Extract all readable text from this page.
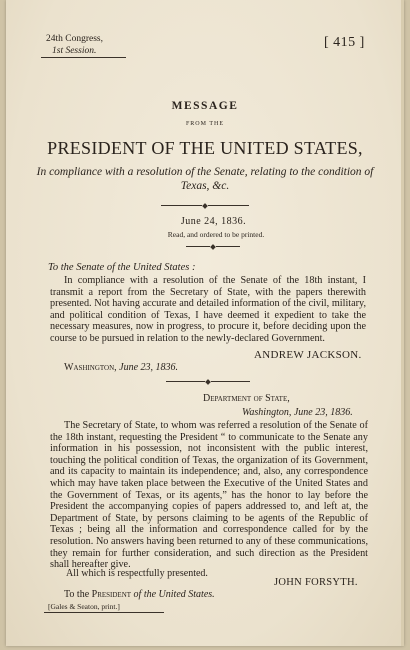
24th Congress,
1st Session.
[ 415 ]
MESSAGE
FROM THE
PRESIDENT OF THE UNITED STATES,
In compliance with a resolution of the Senate, relating to the condition of Texas, &c.
June 24, 1836.
Read, and ordered to be printed.
To the Senate of the United States :

In compliance with a resolution of the Senate of the 18th instant, I transmit a report from the Secretary of State, with the papers therewith presented. Not having accurate and detailed information of the civil, military, and political condition of Texas, I have deemed it expedient to take the necessary measures, now in progress, to procure it, before deciding upon the course to be pursued in relation to the newly-declared Government.

ANDREW JACKSON.
Washington, June 23, 1836.
Department of State,
Washington, June 23, 1836.

The Secretary of State, to whom was referred a resolution of the Senate of the 18th instant, requesting the President “ to communicate to the Senate any information in his possession, not inconsistent with the public interest, touching the political condition of Texas, the organization of its Government, and its capacity to maintain its independence; and, also, any correspondence which may have taken place between the Executive of the United States and the Government of Texas, or its agents,” has the honor to lay before the President the accompanying copies of papers addressed to, and left at, the Department of State, by persons claiming to be agents of the Republic of Texas ; being all the information and correspondence called for by the resolution. No answers having been returned to any of these communications, they remain for further consideration, and such direction as the President shall hereafter give.

All which is respectfully presented.
JOHN FORSYTH.
To the President of the United States.
[Gales & Seaton, print.]
